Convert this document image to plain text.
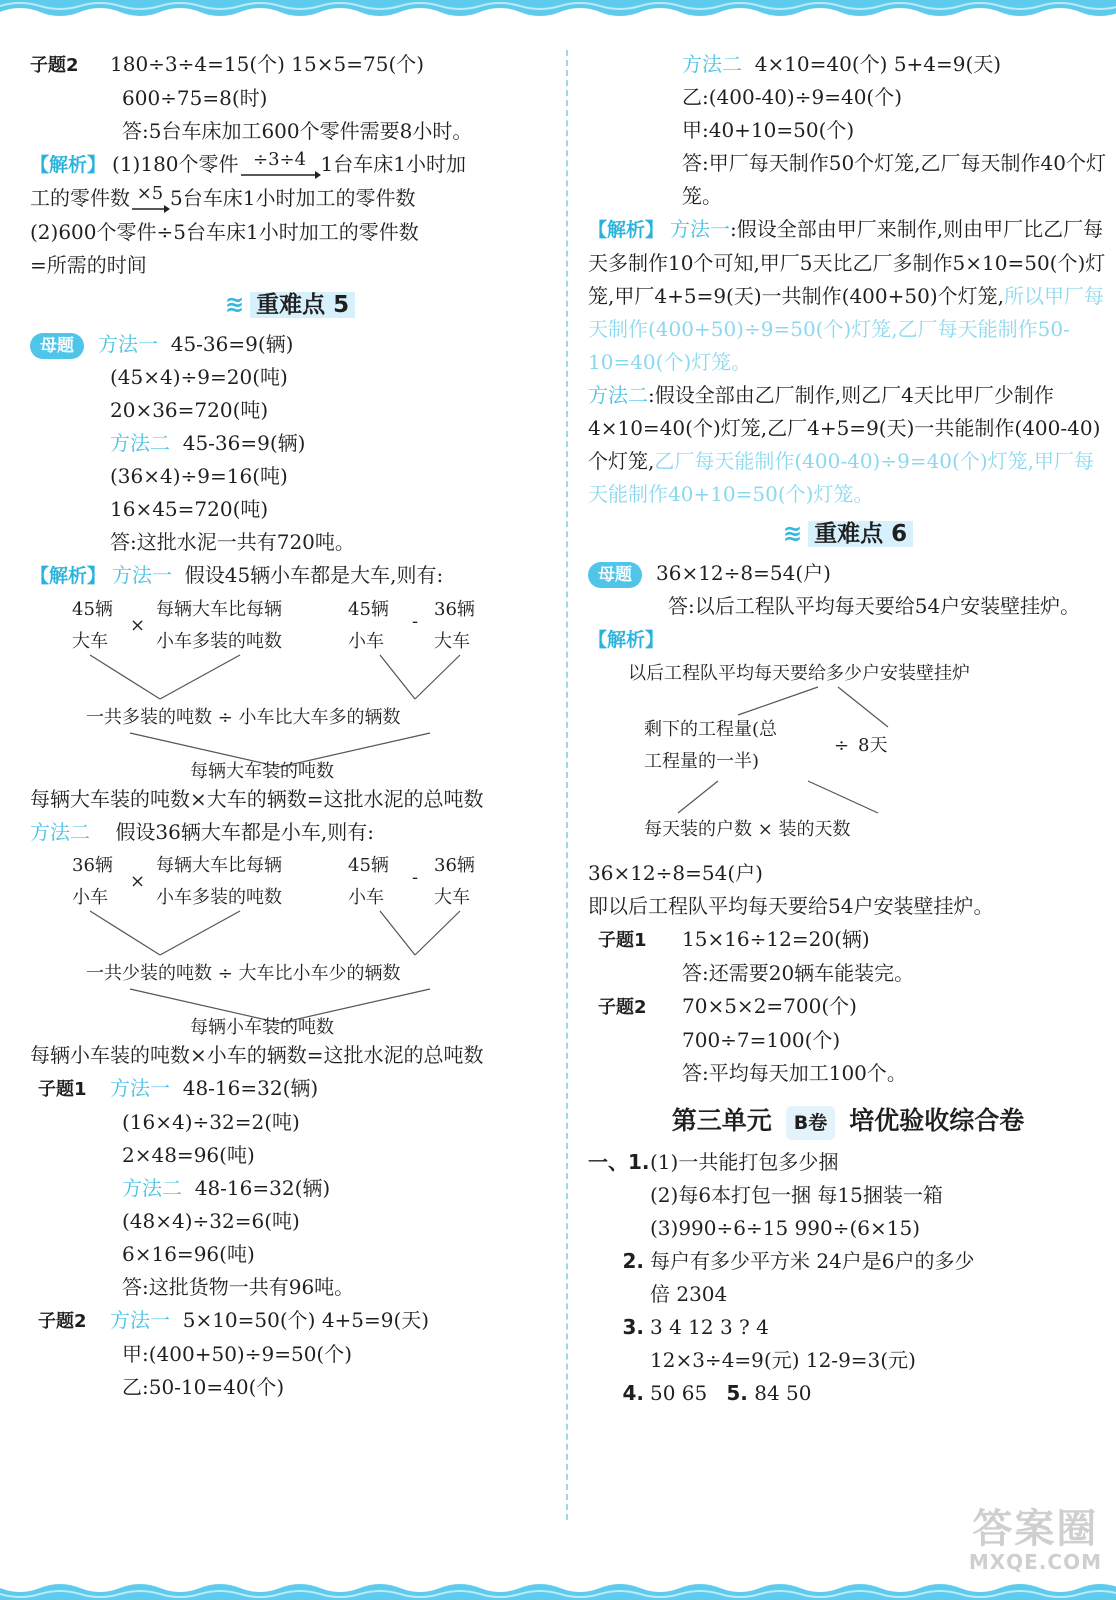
子题2 180÷3÷4=15(个) 15×5=75(个)
600÷75=8(时)
答:5台车床加工600个零件需要8小时。
【解析】 (1)180个零件 ÷3÷4 1台车床1小时加
工的零件数 ×5 5台车床1小时加工的零件数
(2)600个零件÷5台车床1小时加工的零件数
=所需的时间
≋ 重难点 5
母题 方法一 45-36=9(辆)
(45×4)÷9=20(吨)
20×36=720(吨)
方法二 45-36=9(辆)
(36×4)÷9=16(吨)
16×45=720(吨)
答:这批水泥一共有720吨。
【解析】 方法一 假设45辆小车都是大车,则有:
45辆
大车
×
每辆大车比每辆
小车多装的吨数
45辆
小车
-
36辆
大车
一共多装的吨数 ÷ 小车比大车多的辆数
每辆大车装的吨数
每辆大车装的吨数×大车的辆数=这批水泥的总吨数
方法二 假设36辆大车都是小车,则有:
36辆
小车
×
每辆大车比每辆
小车多装的吨数
45辆
小车
-
36辆
大车
一共少装的吨数 ÷ 大车比小车少的辆数
每辆小车装的吨数
每辆小车装的吨数×小车的辆数=这批水泥的总吨数
子题1 方法一 48-16=32(辆)
(16×4)÷32=2(吨)
2×48=96(吨)
方法二 48-16=32(辆)
(48×4)÷32=6(吨)
6×16=96(吨)
答:这批货物一共有96吨。
子题2 方法一 5×10=50(个) 4+5=9(天)
甲:(400+50)÷9=50(个)
乙:50-10=40(个)
方法二 4×10=40(个) 5+4=9(天)
乙:(400-40)÷9=40(个)
甲:40+10=50(个)
答:甲厂每天制作50个灯笼,乙厂每天制作40个灯笼。
【解析】 方法一:假设全部由甲厂来制作,则由甲厂比乙厂每天多制作10个可知,甲厂5天比乙厂多制作5×10=50(个)灯笼,甲厂4+5=9(天)一共制作(400+50)个灯笼,所以甲厂每天制作(400+50)÷9=50(个)灯笼,乙厂每天能制作50-10=40(个)灯笼。
方法二:假设全部由乙厂制作,则乙厂4天比甲厂少制作4×10=40(个)灯笼,乙厂4+5=9(天)一共能制作(400-40)个灯笼,乙厂每天能制作(400-40)÷9=40(个)灯笼,甲厂每天能制作40+10=50(个)灯笼。
≋ 重难点 6
母题 36×12÷8=54(户)
答:以后工程队平均每天要给54户安装壁挂炉。
【解析】
以后工程队平均每天要给多少户安装壁挂炉
剩下的工程量(总
工程量的一半)
÷ 8天
每天装的户数 × 装的天数
36×12÷8=54(户)
即以后工程队平均每天要给54户安装壁挂炉。
子题1 15×16÷12=20(辆)
答:还需要20辆车能装完。
子题2 70×5×2=700(个)
700÷7=100(个)
答:平均每天加工100个。
第三单元 B卷 培优验收综合卷
一、1.(1)一共能打包多少捆
(2)每6本打包一捆 每15捆装一箱
(3)990÷6÷15 990÷(6×15)
2. 每户有多少平方米 24户是6户的多少
倍 2304
3. 3 4 12 3 ? 4
12×3÷4=9(元) 12-9=3(元)
4. 50 65 5. 84 50
答案圈
MXQE.COM
